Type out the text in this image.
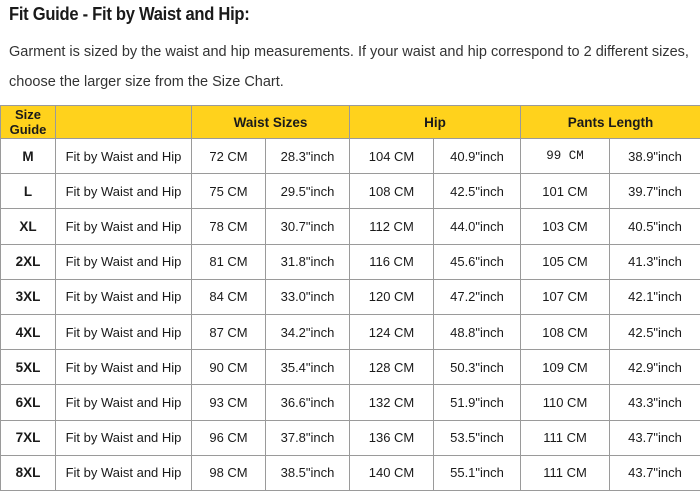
Fit Guide - Fit by Waist and Hip:
Garment is sized by the waist and hip measurements. If your waist and hip correspond to 2 different sizes, choose the larger size from the Size Chart.
Size
Guide		Waist Sizes		Hip		Pants Length	
M	Fit by Waist and Hip	72 CM	28.3"inch	104 CM	40.9"inch	99 CM	38.9"inch
L	Fit by Waist and Hip	75 CM	29.5"inch	108 CM	42.5"inch	101 CM	39.7"inch
XL	Fit by Waist and Hip	78 CM	30.7"inch	112 CM	44.0"inch	103 CM	40.5"inch
2XL	Fit by Waist and Hip	81 CM	31.8"inch	116 CM	45.6"inch	105 CM	41.3"inch
3XL	Fit by Waist and Hip	84 CM	33.0"inch	120 CM	47.2"inch	107 CM	42.1"inch
4XL	Fit by Waist and Hip	87 CM	34.2"inch	124 CM	48.8"inch	108 CM	42.5"inch
5XL	Fit by Waist and Hip	90 CM	35.4"inch	128 CM	50.3"inch	109 CM	42.9"inch
6XL	Fit by Waist and Hip	93 CM	36.6"inch	132 CM	51.9"inch	110 CM	43.3"inch
7XL	Fit by Waist and Hip	96 CM	37.8"inch	136 CM	53.5"inch	111 CM	43.7"inch
8XL	Fit by Waist and Hip	98 CM	38.5"inch	140 CM	55.1"inch	111 CM	43.7"inch
